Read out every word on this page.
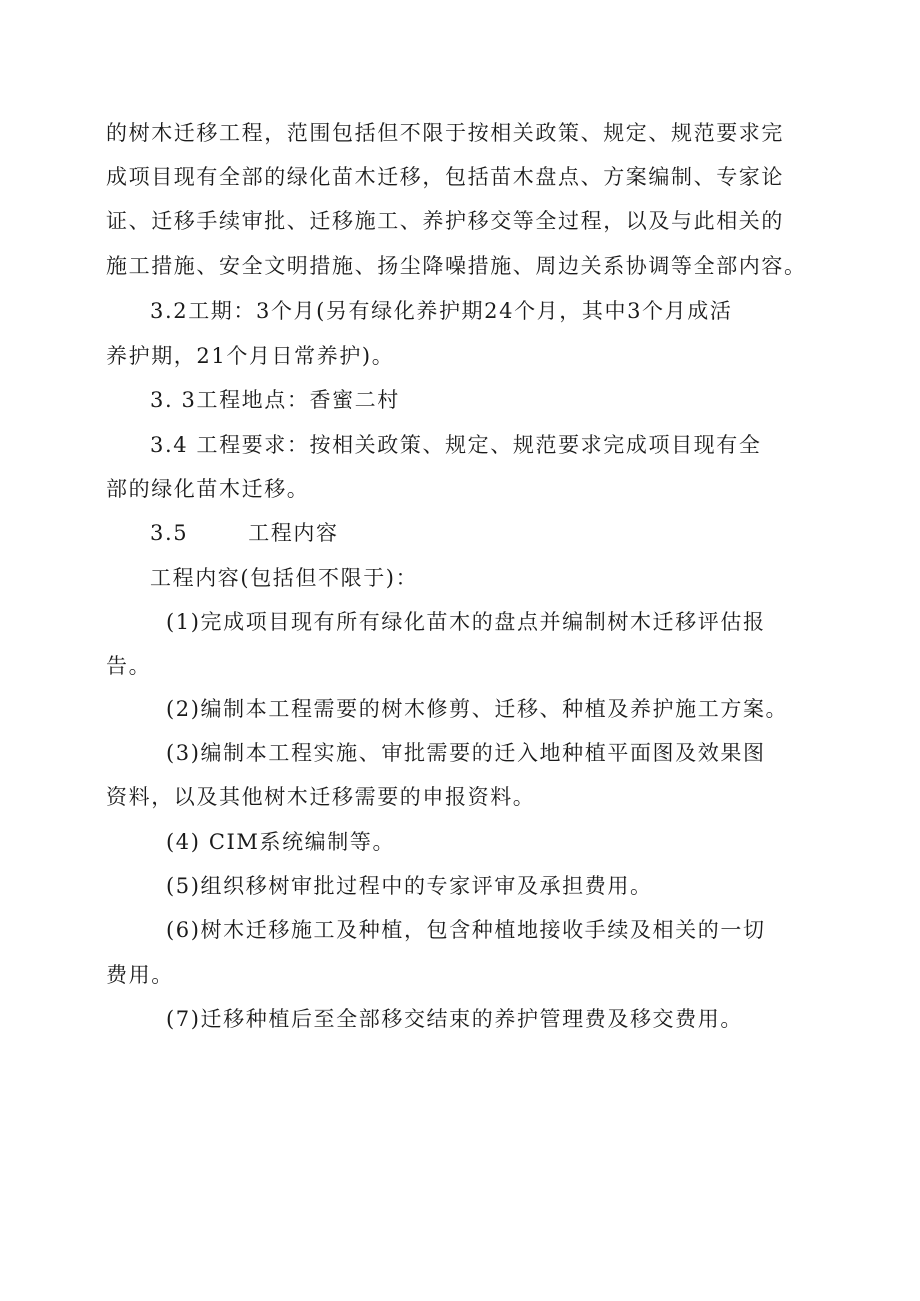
的树木迁移工程，范围包括但不限于按相关政策、规定、规范要求完
成项目现有全部的绿化苗木迁移，包括苗木盘点、方案编制、专家论
证、迁移手续审批、迁移施工、养护移交等全过程，以及与此相关的
施工措施、安全文明措施、扬尘降噪措施、周边关系协调等全部内容。
3.2工期：3个月(另有绿化养护期24个月，其中3个月成活
养护期，21个月日常养护)。
3. 3工程地点：香蜜二村
3.4 工程要求：按相关政策、规定、规范要求完成项目现有全
部的绿化苗木迁移。
3.5	工程内容
工程内容(包括但不限于)：
(1)完成项目现有所有绿化苗木的盘点并编制树木迁移评估报
告。
(2)编制本工程需要的树木修剪、迁移、种植及养护施工方案。
(3)编制本工程实施、审批需要的迁入地种植平面图及效果图
资料，以及其他树木迁移需要的申报资料。
(4) CIM系统编制等。
(5)组织移树审批过程中的专家评审及承担费用。
(6)树木迁移施工及种植，包含种植地接收手续及相关的一切
费用。
(7)迁移种植后至全部移交结束的养护管理费及移交费用。
